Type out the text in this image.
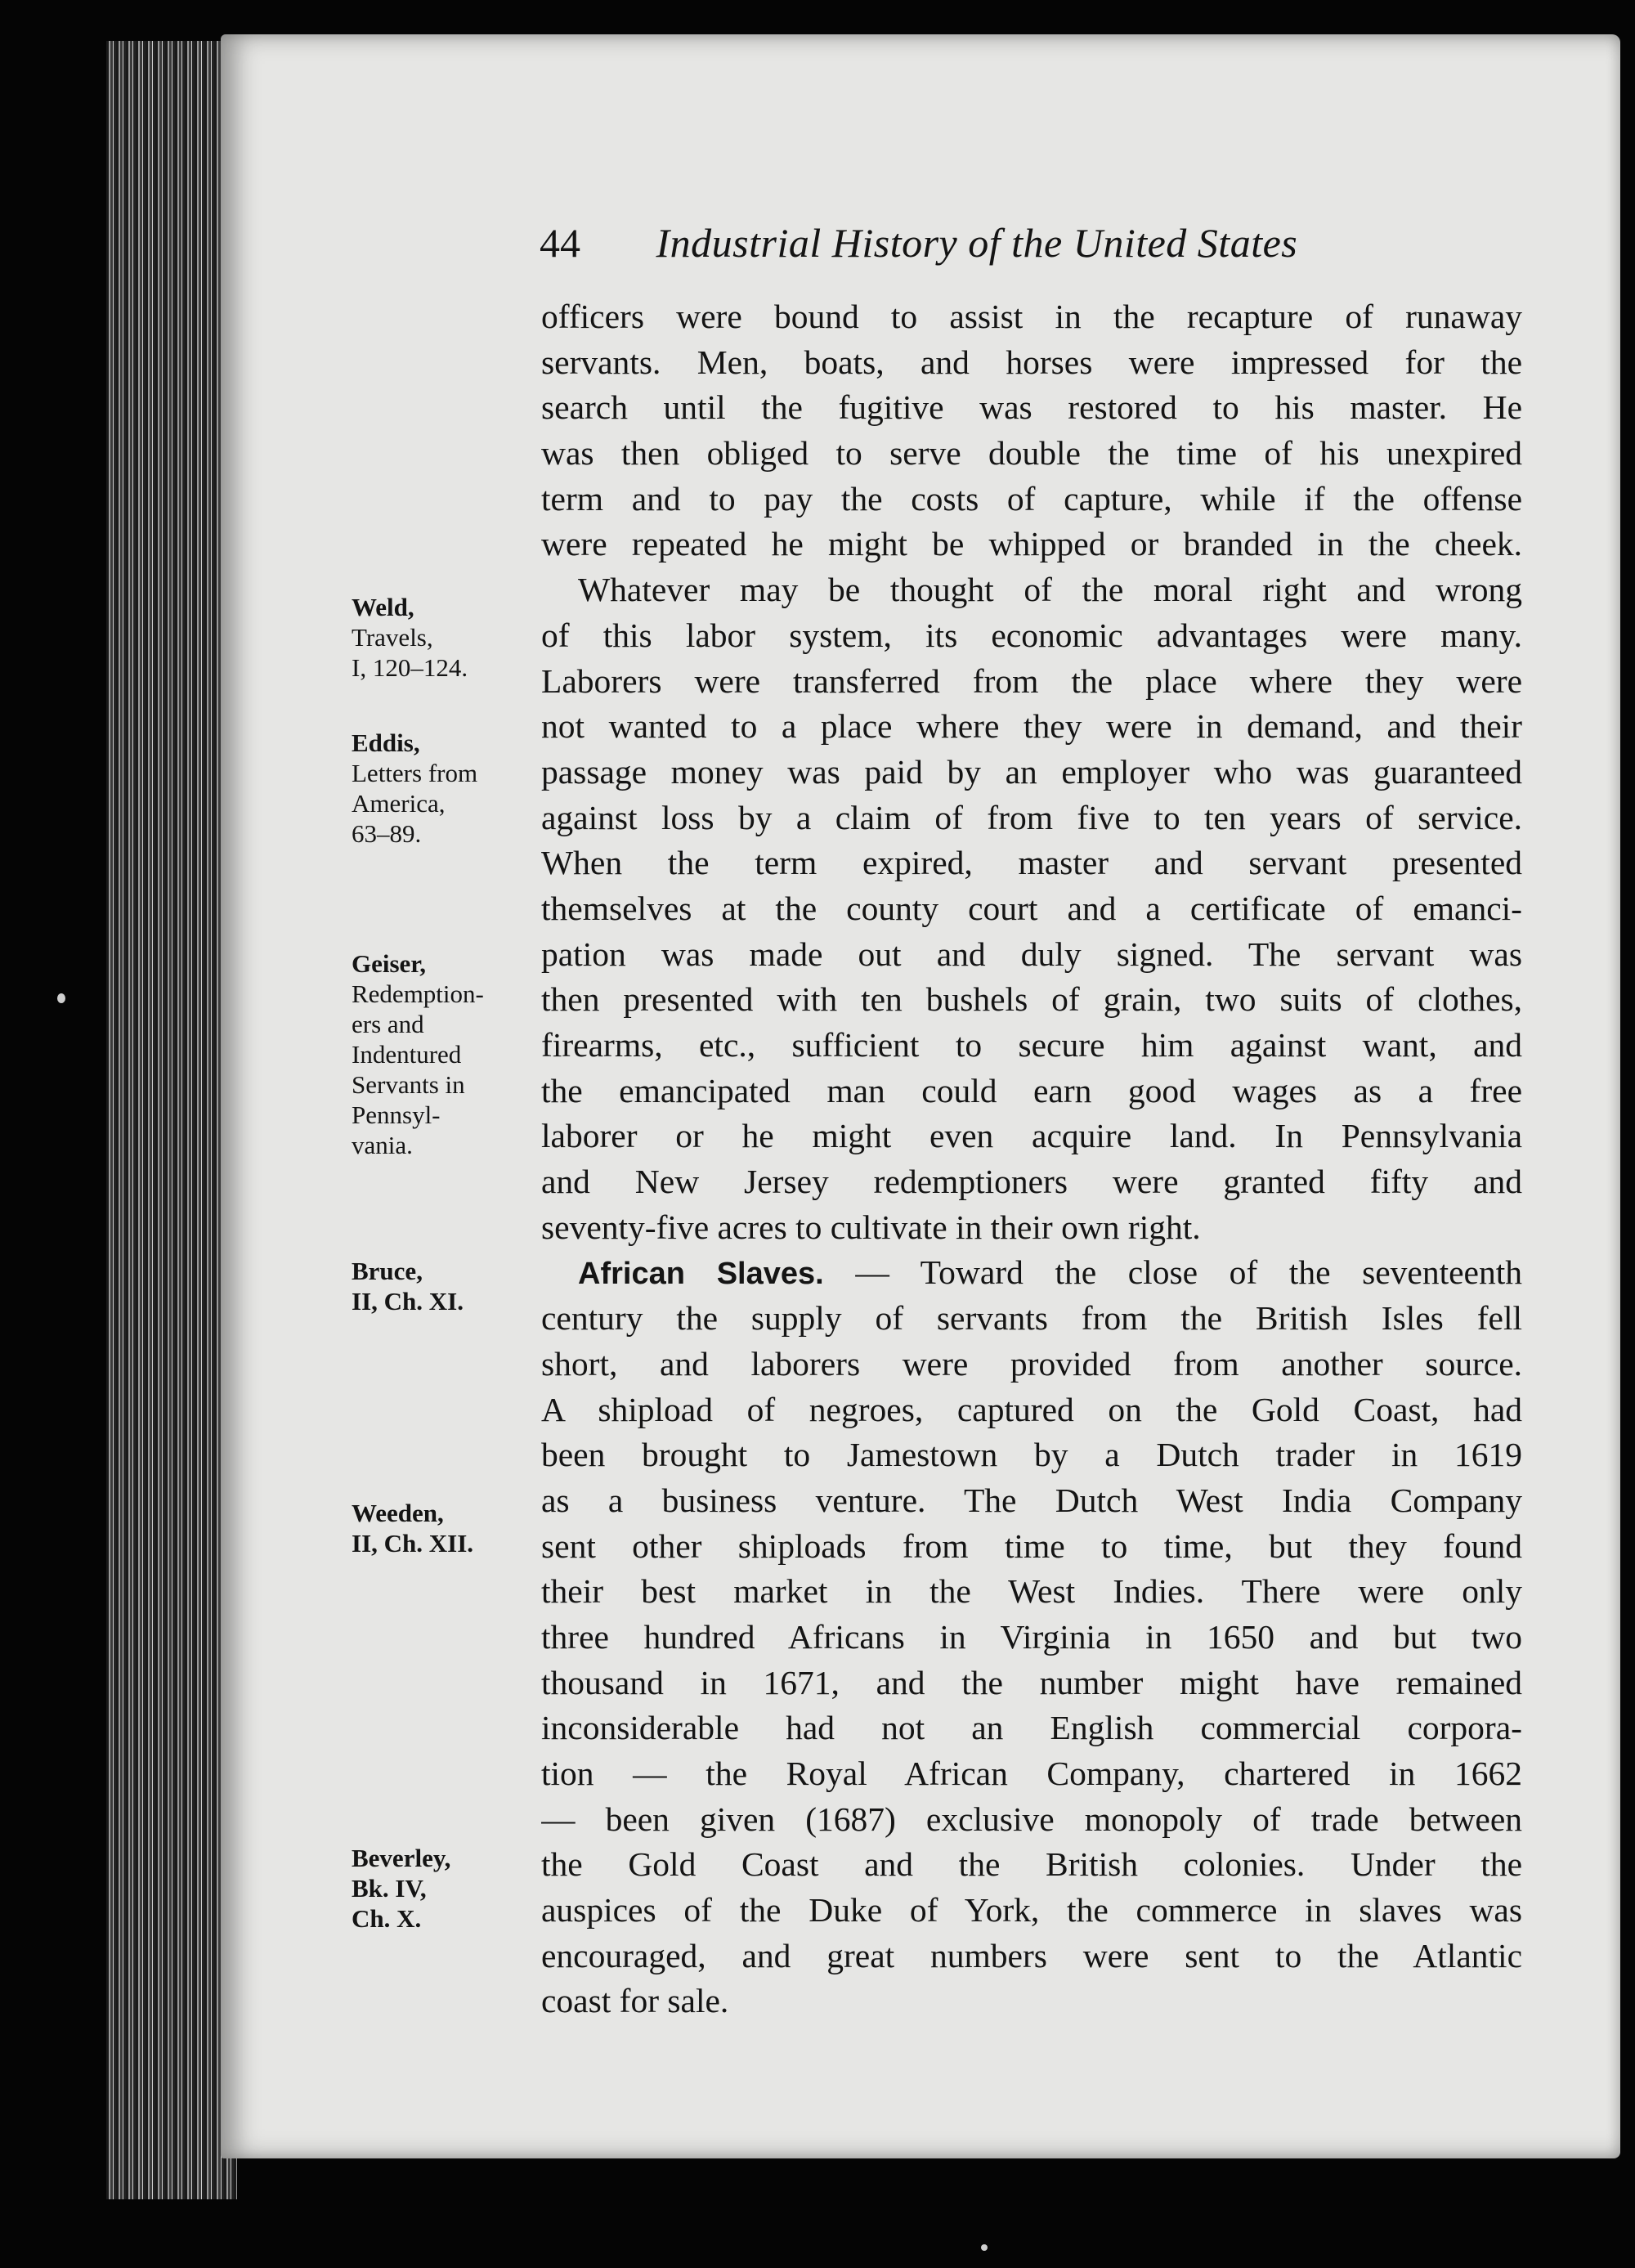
44 Industrial History of the United States
officers were bound to assist in the recapture of runaway
servants. Men, boats, and horses were impressed for the
search until the fugitive was restored to his master. He
was then obliged to serve double the time of his unexpired
term and to pay the costs of capture, while if the offense
were repeated he might be whipped or branded in the cheek.
Whatever may be thought of the moral right and wrong
of this labor system, its economic advantages were many.
Laborers were transferred from the place where they were
not wanted to a place where they were in demand, and their
passage money was paid by an employer who was guaranteed
against loss by a claim of from five to ten years of service.
When the term expired, master and servant presented
themselves at the county court and a certificate of emanci-
pation was made out and duly signed. The servant was
then presented with ten bushels of grain, two suits of clothes,
firearms, etc., sufficient to secure him against want, and
the emancipated man could earn good wages as a free
laborer or he might even acquire land. In Pennsylvania
and New Jersey redemptioners were granted fifty and
seventy-five acres to cultivate in their own right.
African Slaves. — Toward the close of the seventeenth
century the supply of servants from the British Isles fell
short, and laborers were provided from another source.
A shipload of negroes, captured on the Gold Coast, had
been brought to Jamestown by a Dutch trader in 1619
as a business venture. The Dutch West India Company
sent other shiploads from time to time, but they found
their best market in the West Indies. There were only
three hundred Africans in Virginia in 1650 and but two
thousand in 1671, and the number might have remained
inconsiderable had not an English commercial corpora-
tion — the Royal African Company, chartered in 1662
— been given (1687) exclusive monopoly of trade between
the Gold Coast and the British colonies. Under the
auspices of the Duke of York, the commerce in slaves was
encouraged, and great numbers were sent to the Atlantic
coast for sale.
Weld,
Travels,
I, 120–124.
Eddis,
Letters from
America,
63–89.
Geiser,
Redemption-
ers and
Indentured
Servants in
Pennsyl-
vania.
Bruce,
II, Ch. XI.
Weeden,
II, Ch. XII.
Beverley,
Bk. IV,
Ch. X.
